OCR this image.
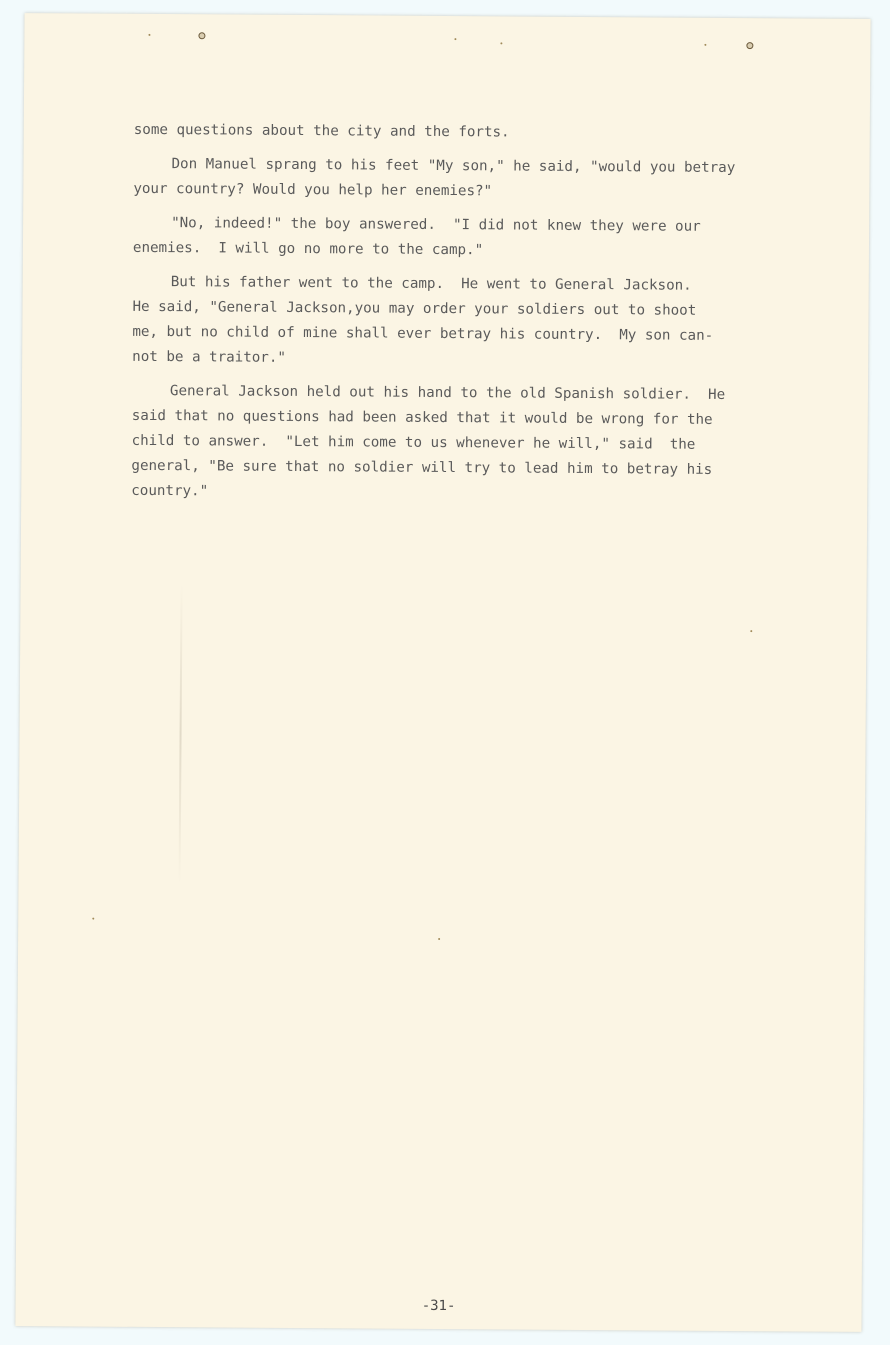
some questions about the city and the forts.
Don Manuel sprang to his feet "My son," he said, "would you betray
your country? Would you help her enemies?"
"No, indeed!" the boy answered.  "I did not knew they were our
enemies.  I will go no more to the camp."
But his father went to the camp.  He went to General Jackson.
He said, "General Jackson,you may order your soldiers out to shoot
me, but no child of mine shall ever betray his country.  My son can-
not be a traitor."
General Jackson held out his hand to the old Spanish soldier.  He
said that no questions had been asked that it would be wrong for the
child to answer.  "Let him come to us whenever he will," said  the
general, "Be sure that no soldier will try to lead him to betray his
country."
-31-
